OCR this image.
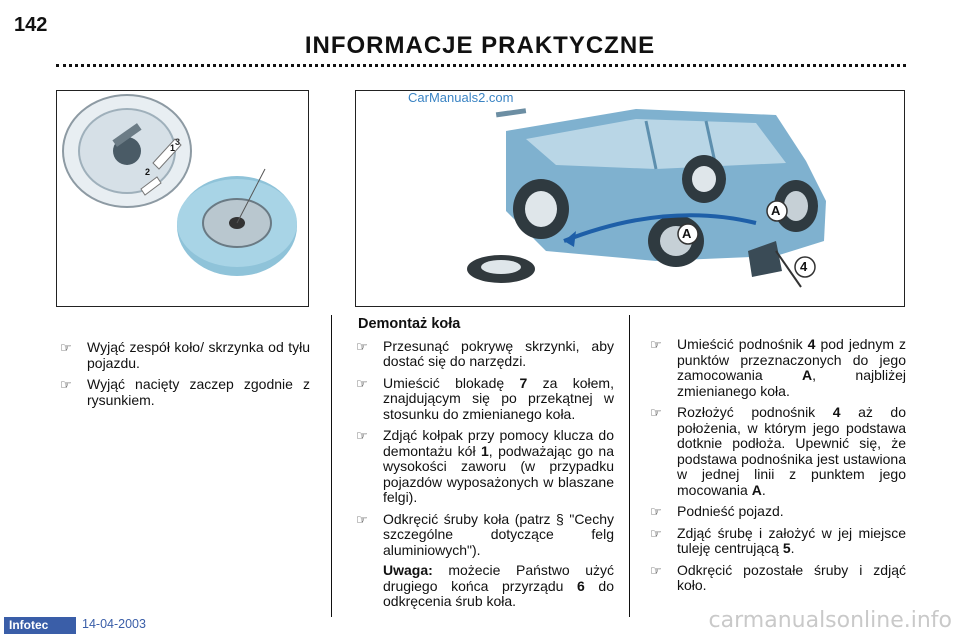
142
INFORMACJE PRAKTYCZNE
1
2
3
A
A
4
CarManuals2.com
☞ Wyjąć zespół koło/ skrzynka od tyłu pojazdu.
☞ Wyjąć nacięty zaczep zgodnie z rysunkiem.
Demontaż koła
☞ Przesunąć pokrywę skrzynki, aby dostać się do narzędzi.
☞ Umieścić blokadę 7 za kołem, znajdującym się po przekątnej w stosunku do zmienianego koła.
☞ Zdjąć kołpak przy pomocy klucza do demontażu kół 1, podważając go na wysokości zaworu (w przypadku pojazdów wyposażonych w blaszane felgi).
☞ Odkręcić śruby koła (patrz § "Cechy szczególne dotyczące felg aluminiowych").
Uwaga: możecie Państwo użyć drugiego końca przyrządu 6 do odkręcenia śrub koła.
☞ Umieścić podnośnik 4 pod jednym z punktów przeznaczonych do jego zamocowania A, najbliżej zmienianego koła.
☞ Rozłożyć podnośnik 4 aż do położenia, w którym jego podstawa dotknie podłoża. Upewnić się, że podstawa podnośnika jest ustawiona w jednej linii z punktem jego mocowania A.
☞ Podnieść pojazd.
☞ Zdjąć śrubę i założyć w jej miejsce tuleję centrującą 5.
☞ Odkręcić pozostałe śruby i zdjąć koło.
Infotec	14-04-2003	carmanualsonline.info
